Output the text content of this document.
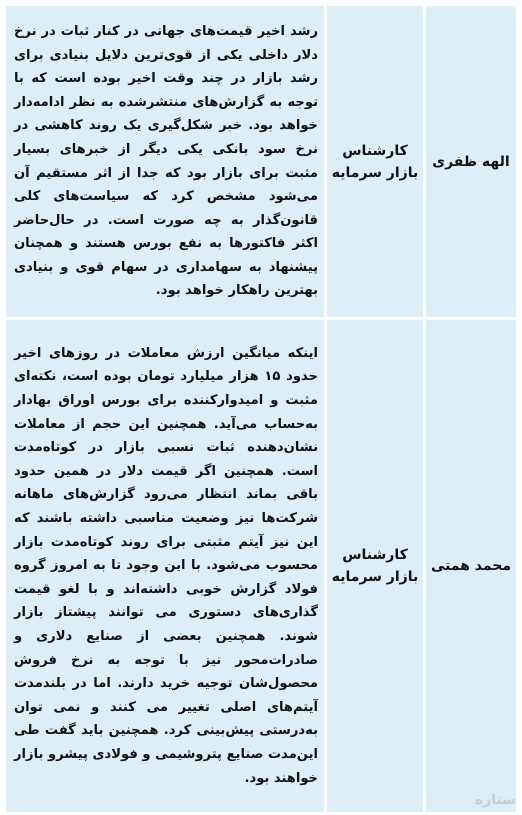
الهه ظفری	کارشناس بازار سرمایه	رشد اخیر قیمت‌های جهانی در کنار ثبات در نرخ دلار داخلی یکی از قوی‌ترین دلایل بنیادی برای رشد بازار در چند وقت اخیر بوده است که با توجه به گزارش‌های منتشرشده به نظر ادامه‌دار خواهد بود. خبر شکل‌گیری یک روند کاهشی در نرخ سود بانکی یکی دیگر از خبرهای بسیار مثبت برای بازار بود که جدا از اثر مستقیم آن می‌شود مشخص کرد که سیاست‌های کلی قانون‌گذار به چه صورت است. در حال‌حاضر اکثر فاکتورها به نفع بورس هستند و همچنان پیشنهاد به سهامداری در سهام قوی و بنیادی بهترین راهکار خواهد بود.
محمد همتی	کارشناس بازار سرمایه	اینکه میانگین ارزش معاملات در روزهای اخیر حدود ۱۵ هزار میلیارد تومان بوده است، نکته‌ای مثبت و امیدوار‌کننده برای بورس اوراق بهادار به‌حساب می‌آید. همچنین این حجم از معاملات نشان‌دهنده ثبات نسبی بازار در کوتاه‌مدت است. همچنین اگر قیمت دلار در همین حدود باقی بماند انتظار می‌رود گزارش‌های ماهانه شرکت‌ها نیز وضعیت مناسبی داشته باشند که این نیز آیتم مثبتی برای روند کوتاه‌مدت بازار محسوب می‌شود. با این وجود تا به امروز گروه فولاد گزارش خوبی داشته‌اند و با لغو قیمت گذاری‌های دستوری می توانند پیشتاز بازار شوند. همچنین بعضی از صنایع دلاری و صادرات‌محور نیز با توجه به نرخ فروش محصول‌شان توجیه خرید دارند. اما در بلندمدت آیتم‌های اصلی تغییر می کنند و نمی توان به‌درستی پیش‌بینی کرد. همچنین باید گفت طی این‌مدت صنایع پتروشیمی و فولادی پیشرو بازار خواهند بود.
ستاره
